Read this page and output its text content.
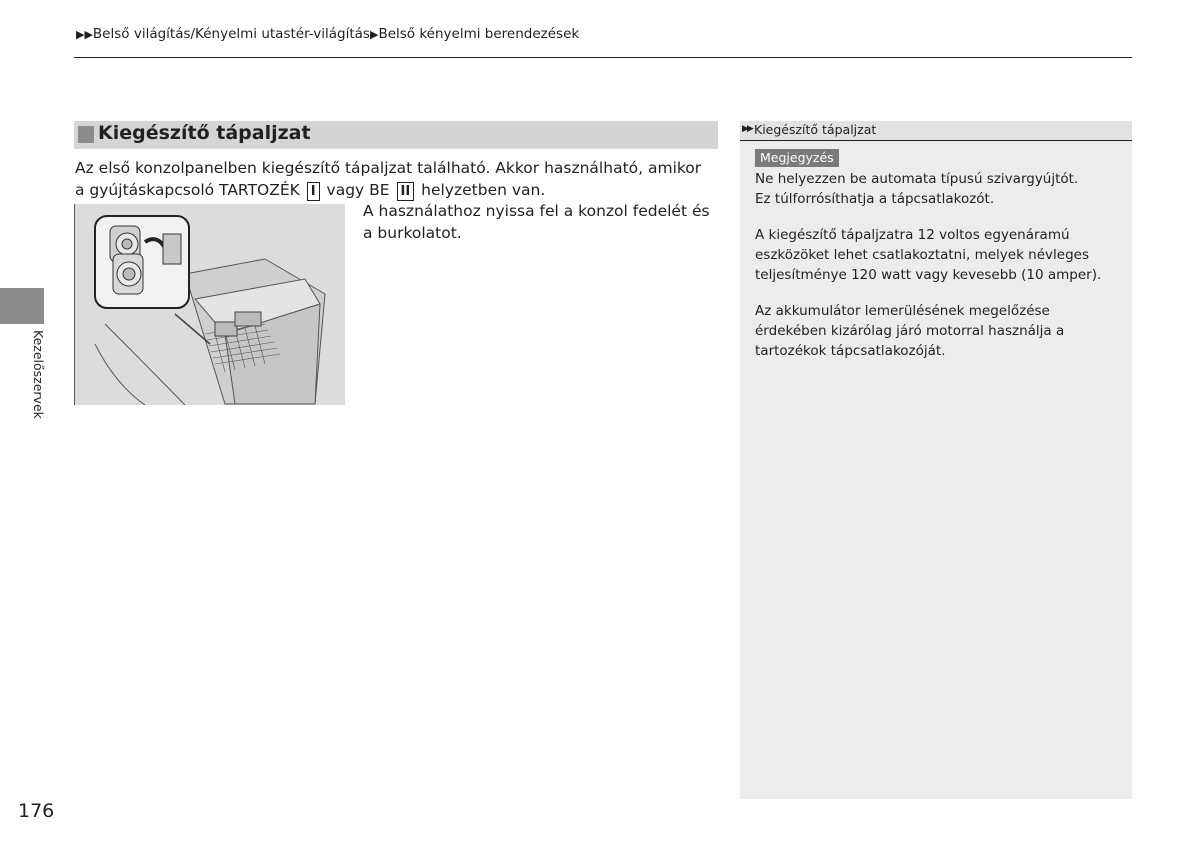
▶▶Belső világítás/Kényelmi utastér-világítás▶Belső kényelmi berendezések
Kiegészítő tápaljzat
Az első konzolpanelben kiegészítő tápaljzat található. Akkor használható, amikor a gyújtáskapcsoló TARTOZÉK I vagy BE II helyzetben van.
A használathoz nyissa fel a konzol fedelét és a burkolatot.
▶▶ Kiegészítő tápaljzat
Megjegyzés
Ne helyezzen be automata típusú szivargyújtót.
Ez túlforrósíthatja a tápcsatlakozót.
A kiegészítő tápaljzatra 12 voltos egyenáramú eszközöket lehet csatlakoztatni, melyek névleges teljesítménye 120 watt vagy kevesebb (10 amper).
Az akkumulátor lemerülésének megelőzése érdekében kizárólag járó motorral használja a tartozékok tápcsatlakozóját.
Kezelőszervek
176
